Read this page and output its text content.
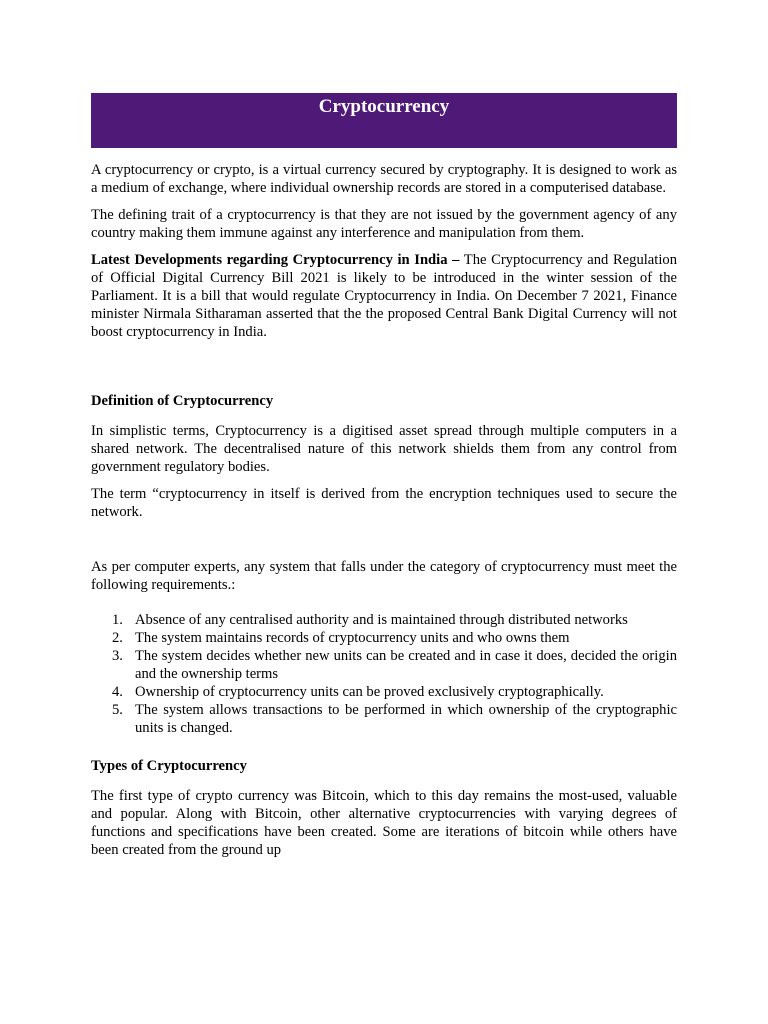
Cryptocurrency

A cryptocurrency or crypto, is a virtual currency secured by cryptography. It is designed to work as a medium of exchange, where individual ownership records are stored in a computerised database.

The defining trait of a cryptocurrency is that they are not issued by the government agency of any country making them immune against any interference and manipulation from them.

Latest Developments regarding Cryptocurrency in India – The Cryptocurrency and Regulation of Official Digital Currency Bill 2021 is likely to be introduced in the winter session of the Parliament. It is a bill that would regulate Cryptocurrency in India. On December 7 2021, Finance minister Nirmala Sitharaman asserted that the the proposed Central Bank Digital Currency will not boost cryptocurrency in India.

Definition of Cryptocurrency

In simplistic terms, Cryptocurrency is a digitised asset spread through multiple computers in a shared network. The decentralised nature of this network shields them from any control from government regulatory bodies.

The term “cryptocurrency in itself is derived from the encryption techniques used to secure the network.

As per computer experts, any system that falls under the category of cryptocurrency must meet the following requirements.:

1. Absence of any centralised authority and is maintained through distributed networks
2. The system maintains records of cryptocurrency units and who owns them
3. The system decides whether new units can be created and in case it does, decided the origin and the ownership terms
4. Ownership of cryptocurrency units can be proved exclusively cryptographically.
5. The system allows transactions to be performed in which ownership of the cryptographic units is changed.

Types of Cryptocurrency

The first type of crypto currency was Bitcoin, which to this day remains the most-used, valuable and popular. Along with Bitcoin, other alternative cryptocurrencies with varying degrees of functions and specifications have been created. Some are iterations of bitcoin while others have been created from the ground up
